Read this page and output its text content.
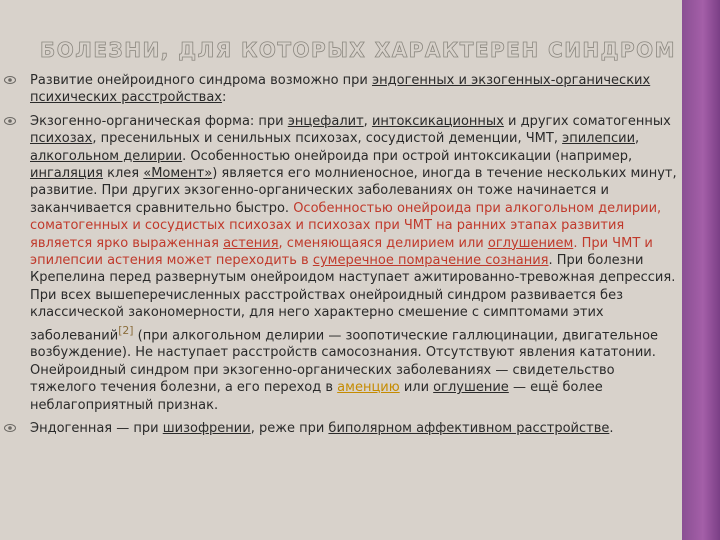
БОЛЕЗНИ, ДЛЯ КОТОРЫХ ХАРАКТЕРЕН СИНДРОМ
Развитие онейроидного синдрома возможно при эндогенных и экзогенных-органических психических расстройствах:
Экзогенно-органическая форма: при энцефалит, интоксикационных и других соматогенных психозах, пресенильных и сенильных психозах, сосудистой деменции, ЧМТ, эпилепсии, алкогольном делирии. Особенностью онейроида при острой интоксикации (например, ингаляция клея «Момент») является его молниеносное, иногда в течение нескольких минут, развитие. При других экзогенно-органических заболеваниях он тоже начинается и заканчивается сравнительно быстро. Особенностью онейроида при алкогольном делирии, соматогенных и сосудистых психозах и психозах при ЧМТ на ранних этапах развития является ярко выраженная астения, сменяющаяся делирием или оглушением. При ЧМТ и эпилепсии астения может переходить в сумеречное помрачение сознания. При болезни Крепелина перед развернутым онейроидом наступает ажитированно-тревожная депрессия. При всех вышеперечисленных расстройствах онейроидный синдром развивается без классической закономерности, для него характерно смешение с симптомами этих заболеваний[2] (при алкогольном делирии — зоопотические галлюцинации, двигательное возбуждение). Не наступает расстройств самосознания. Отсутствуют явления кататонии. Онейроидный синдром при экзогенно-органических заболеваниях — свидетельство тяжелого течения болезни, а его переход в аменцию или оглушение — ещё более неблагоприятный признак.
Эндогенная — при шизофрении, реже при биполярном аффективном расстройстве.
